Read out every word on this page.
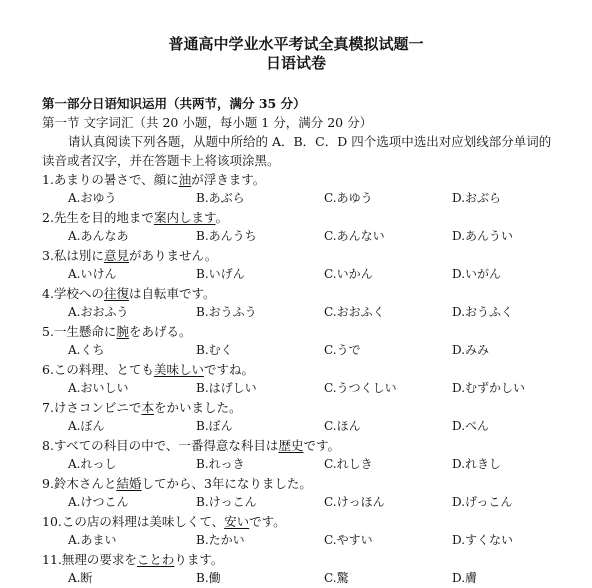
普通高中学业水平考试全真模拟试题一
日语试卷
第一部分日语知识运用（共两节，满分 35 分）
第一节 文字词汇（共 20 小题，每小题 1 分，满分 20 分）
请认真阅读下列各题，从题中所给的 A．B．C．D 四个选项中选出对应划线部分单词的
读音或者汉字，并在答题卡上将该项涂黑。
1.あまりの暑さで、顔に油が浮きます。
A.おゆう	B.あぶら	C.あゆう	D.おぶら
2.先生を目的地まで案内します。
A.あんなあ	B.あんうち	C.あんない	D.あんうい
3.私は別に意見がありません。
A.いけん	B.いげん	C.いかん	D.いがん
4.学校への往復は自転車です。
A.おおふう	B.おうふう	C.おおふく	D.おうふく
5.一生懸命に腕をあげる。
A.くち	B.むく	C.うで	D.みみ
6.この料理、とても美味しいですね。
A.おいしい	B.はげしい	C.うつくしい	D.むずかしい
7.けさコンビニで本をかいました。
A.ぼん	B.ぼん	C.ほん	D.べん
8.すべての科目の中で、一番得意な科目は歴史です。
A.れっし	B.れっき	C.れしき	D.れきし
9.鈴木さんと結婚してから、3年になりました。
A.けつこん	B.けっこん	C.けっほん	D.げっこん
10.この店の料理は美味しくて、安いです。
A.あまい	B.たかい	C.やすい	D.すくない
11.無理の要求をことわります。
A.断	B.働	C.驚	D.膚
